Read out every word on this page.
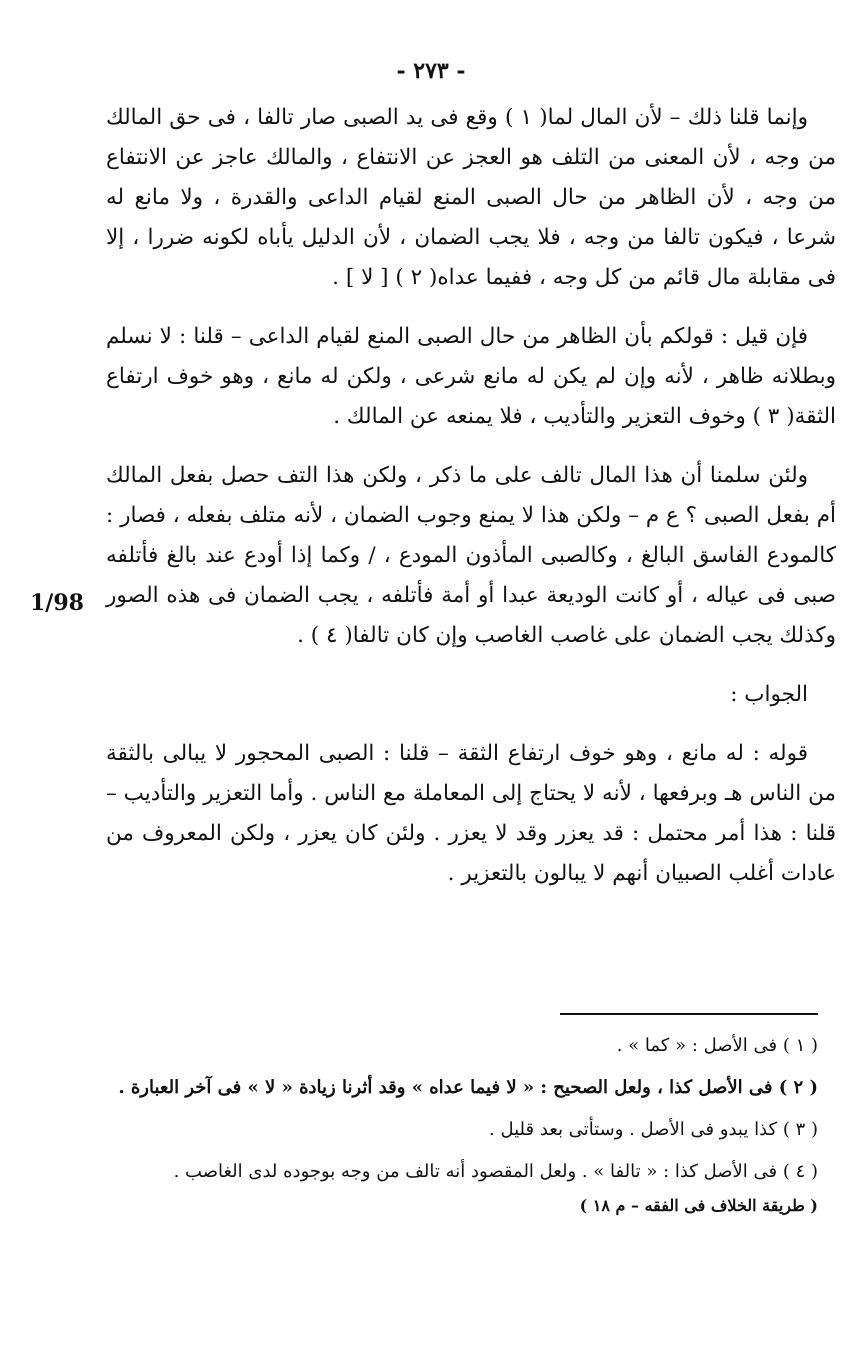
- ٢٧٣ -
1/98

وإنما قلنا ذلك – لأن المال لما( ١ ) وقع فى يد الصبى صار تالفا ، فى حق المالك من وجه ، لأن المعنى من التلف هو العجز عن الانتفاع ، والمالك عاجز عن الانتفاع من وجه ، لأن الظاهر من حال الصبى المنع لقيام الداعى والقدرة ، ولا مانع له شرعا ، فيكون تالفا من وجه ، فلا يجب الضمان ، لأن الدليل يأباه لكونه ضررا ، إلا فى مقابلة مال قائم من كل وجه ، ففيما عداه( ٢ ) [ لا ] .

فإن قيل : قولكم بأن الظاهر من حال الصبى المنع لقيام الداعى – قلنا : لا نسلم وبطلانه ظاهر ، لأنه وإن لم يكن له مانع شرعى ، ولكن له مانع ، وهو خوف ارتفاع الثقة( ٣ ) وخوف التعزير والتأديب ، فلا يمنعه عن المالك .

ولئن سلمنا أن هذا المال تالف على ما ذكر ، ولكن هذا التف حصل بفعل المالك أم بفعل الصبى ؟ ع م – ولكن هذا لا يمنع وجوب الضمان ، لأنه متلف بفعله ، فصار : كالمودع الفاسق البالغ ، وكالصبى المأذون المودع ، / وكما إذا أودع عند بالغ فأتلفه صبى فى عياله ، أو كانت الوديعة عبدا أو أمة فأتلفه ، يجب الضمان فى هذه الصور وكذلك يجب الضمان على غاصب الغاصب وإن كان تالفا( ٤ ) .

الجواب :

قوله : له مانع ، وهو خوف ارتفاع الثقة – قلنا : الصبى المحجور لا يبالى بالثقة من الناس هـ وبرفعها ، لأنه لا يحتاج إلى المعاملة مع الناس . وأما التعزير والتأديب – قلنا : هذا أمر محتمل : قد يعزر وقد لا يعزر . ولئن كان يعزر ، ولكن المعروف من عادات أغلب الصبيان أنهم لا يبالون بالتعزير .

( ١ ) فى الأصل : « كما » .

( ٢ ) فى الأصل كذا ، ولعل الصحيح : « لا فيما عداه » وقد أثرنا زيادة « لا » فى آخر العبارة .

( ٣ ) كذا يبدو فى الأصل . وستأتى بعد قليل .

( ٤ ) فى الأصل كذا : « تالفا » . ولعل المقصود أنه تالف من وجه بوجوده لدى الغاصب .

( طريقة الخلاف فى الفقه – م ١٨ )
